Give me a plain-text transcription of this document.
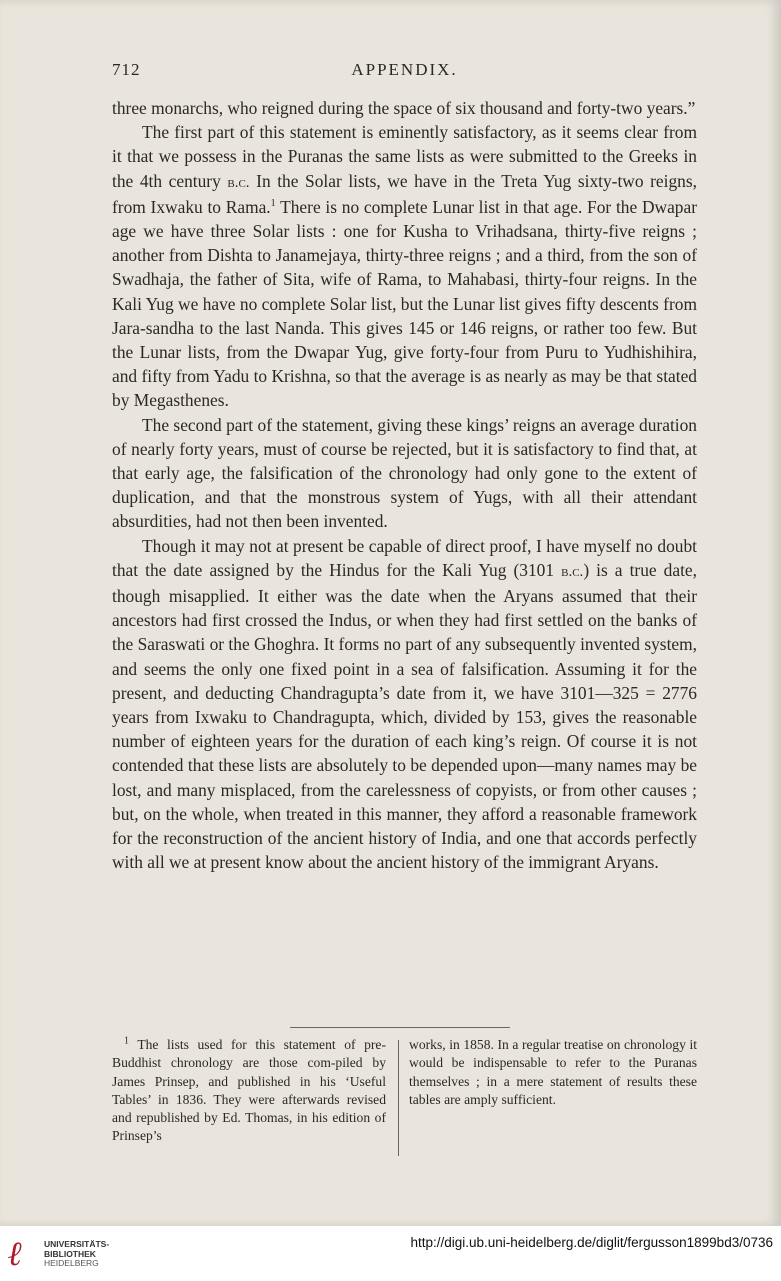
712	APPENDIX.

three monarchs, who reigned during the space of six thousand and forty-two years.”

The first part of this statement is eminently satisfactory, as it seems clear from it that we possess in the Puranas the same lists as were submitted to the Greeks in the 4th century b.c. In the Solar lists, we have in the Treta Yug sixty-two reigns, from Ixwaku to Rama.$^1$ There is no complete Lunar list in that age. For the Dwapar age we have three Solar lists : one for Kusha to Vrihadsana, thirty-five reigns ; another from Dishta to Janamejaya, thirty-three reigns ; and a third, from the son of Swadhaja, the father of Sita, wife of Rama, to Mahabasi, thirty-four reigns. In the Kali Yug we have no complete Solar list, but the Lunar list gives fifty descents from Jara-sandha to the last Nanda. This gives 145 or 146 reigns, or rather too few. But the Lunar lists, from the Dwapar Yug, give forty-four from Puru to Yudhishihira, and fifty from Yadu to Krishna, so that the average is as nearly as may be that stated by Megasthenes.

The second part of the statement, giving these kings’ reigns an average duration of nearly forty years, must of course be rejected, but it is satisfactory to find that, at that early age, the falsification of the chronology had only gone to the extent of duplication, and that the monstrous system of Yugs, with all their attendant absurdities, had not then been invented.

Though it may not at present be capable of direct proof, I have myself no doubt that the date assigned by the Hindus for the Kali Yug (3101 b.c.) is a true date, though misapplied. It either was the date when the Aryans assumed that their ancestors had first crossed the Indus, or when they had first settled on the banks of the Saraswati or the Ghoghra. It forms no part of any subsequently invented system, and seems the only one fixed point in a sea of falsification. Assuming it for the present, and deducting Chandragupta’s date from it, we have 3101—325 = 2776 years from Ixwaku to Chandragupta, which, divided by 153, gives the reasonable number of eighteen years for the duration of each king’s reign. Of course it is not contended that these lists are absolutely to be depended upon—many names may be lost, and many misplaced, from the carelessness of copyists, or from other causes ; but, on the whole, when treated in this manner, they afford a reasonable framework for the reconstruction of the ancient history of India, and one that accords perfectly with all we at present know about the ancient history of the immigrant Aryans.

$^1$ The lists used for this statement of pre-Buddhist chronology are those com-piled by James Prinsep, and published in his ‘Useful Tables’ in 1836. They were afterwards revised and republished by Ed. Thomas, in his edition of Prinsep’s
works, in 1858. In a regular treatise on chronology it would be indispensable to refer to the Puranas themselves ; in a mere statement of results these tables are amply sufficient.
ℓ	UNIVERSITÄTS-
BIBLIOTHEK
HEIDELBERG
http://digi.ub.uni-heidelberg.de/diglit/fergusson1899bd3/0736
